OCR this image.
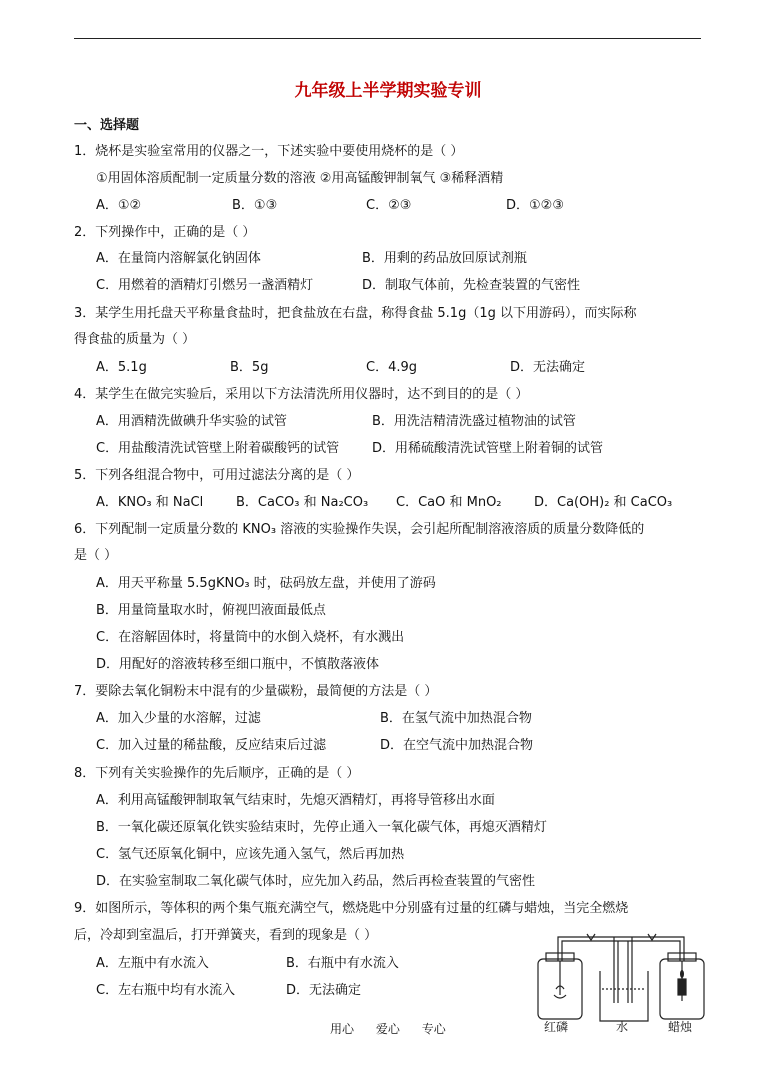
九年级上半学期实验专训
一、选择题
1．烧杯是实验室常用的仪器之一，下述实验中要使用烧杯的是（ ）
①用固体溶质配制一定质量分数的溶液 ②用高锰酸钾制氧气 ③稀释酒精
A．①②	B．①③	C．②③	D．①②③
2．下列操作中，正确的是（ ）
A．在量筒内溶解氯化钠固体	B．用剩的药品放回原试剂瓶
C．用燃着的酒精灯引燃另一盏酒精灯	D．制取气体前，先检查装置的气密性
3．某学生用托盘天平称量食盐时，把食盐放在右盘，称得食盐 5.1g（1g 以下用游码），而实际称
得食盐的质量为（ ）
A．5.1g	B．5g	C．4.9g	D．无法确定
4．某学生在做完实验后，采用以下方法清洗所用仪器时，达不到目的的是（ ）
A．用酒精洗做碘升华实验的试管	B．用洗洁精清洗盛过植物油的试管
C．用盐酸清洗试管壁上附着碳酸钙的试管	D．用稀硫酸清洗试管壁上附着铜的试管
5．下列各组混合物中，可用过滤法分离的是（ ）
A．KNO₃ 和 NaCl	B．CaCO₃ 和 Na₂CO₃ C．CaO 和 MnO₂ D．Ca(OH)₂ 和 CaCO₃
6．下列配制一定质量分数的 KNO₃ 溶液的实验操作失误，会引起所配制溶液溶质的质量分数降低的
是（ ）
A．用天平称量 5.5gKNO₃ 时，砝码放左盘，并使用了游码
B．用量筒量取水时，俯视凹液面最低点
C．在溶解固体时，将量筒中的水倒入烧杯，有水溅出
D．用配好的溶液转移至细口瓶中，不慎散落液体
7．要除去氧化铜粉末中混有的少量碳粉，最简便的方法是（ ）
A．加入少量的水溶解，过滤	B．在氢气流中加热混合物
C．加入过量的稀盐酸，反应结束后过滤	D．在空气流中加热混合物
8．下列有关实验操作的先后顺序，正确的是（ ）
A．利用高锰酸钾制取氧气结束时，先熄灭酒精灯，再将导管移出水面
B．一氧化碳还原氧化铁实验结束时，先停止通入一氧化碳气体，再熄灭酒精灯
C．氢气还原氧化铜中，应该先通入氢气，然后再加热
D．在实验室制取二氧化碳气体时，应先加入药品，然后再检查装置的气密性
9．如图所示，等体积的两个集气瓶充满空气，燃烧匙中分别盛有过量的红磷与蜡烛，当完全燃烧
后，冷却到室温后，打开弹簧夹，看到的现象是（ ）
A．左瓶中有水流入	B．右瓶中有水流入
C．左右瓶中均有水流入	D．无法确定
红磷	水	蜡烛
用心 爱心 专心
